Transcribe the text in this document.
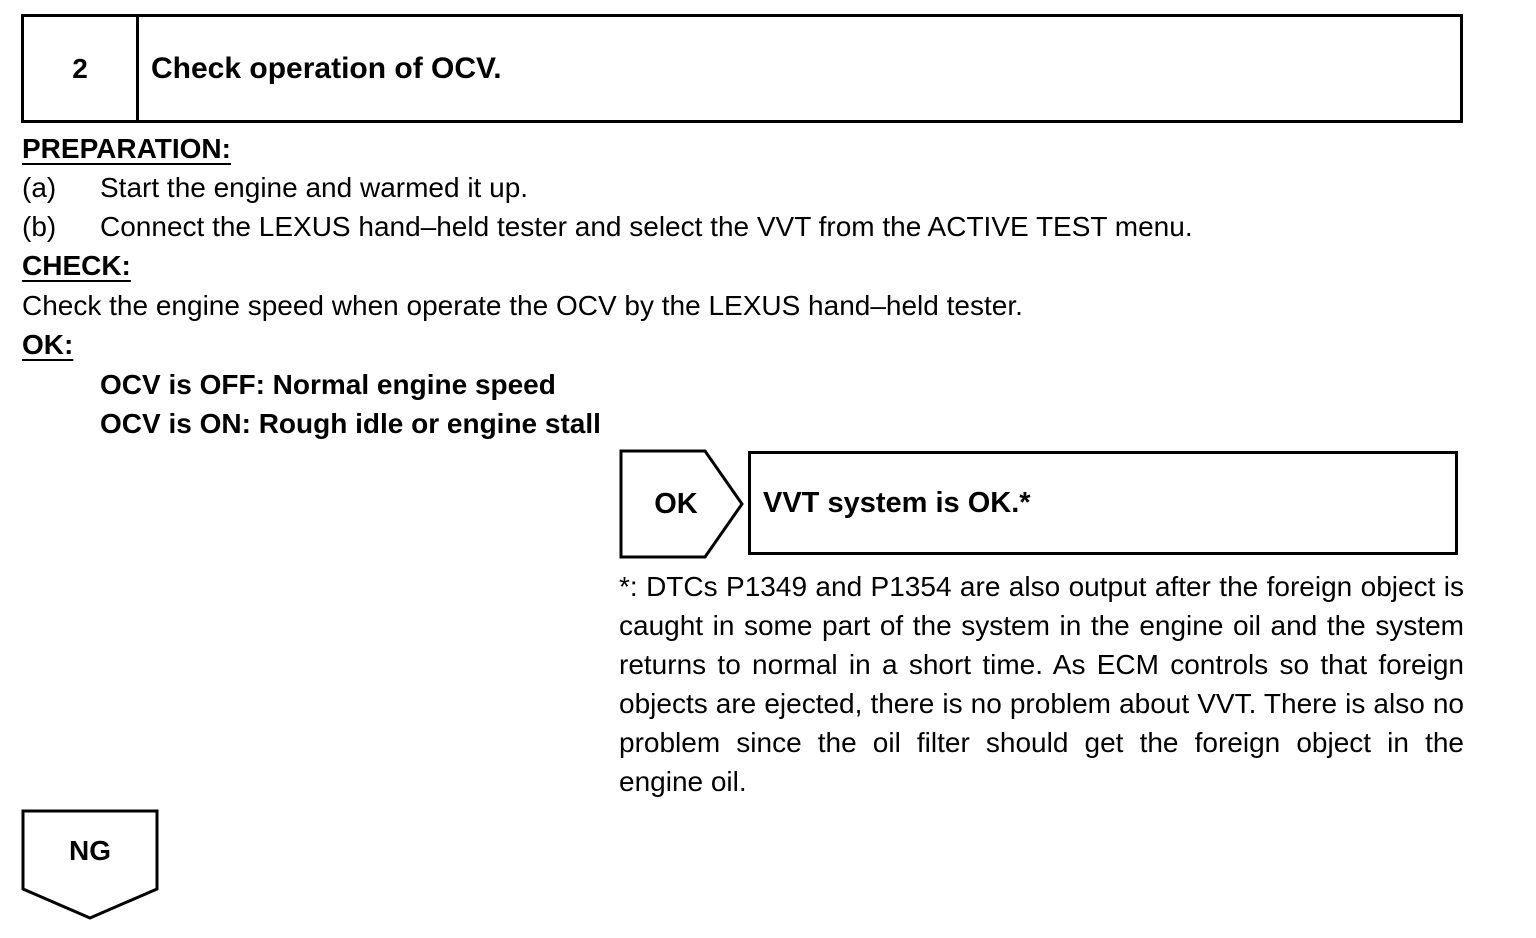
2	Check operation of OCV.
PREPARATION:
(a) Start the engine and warmed it up.
(b) Connect the LEXUS hand–held tester and select the VVT from the ACTIVE TEST menu.
CHECK:
Check the engine speed when operate the OCV by the LEXUS hand–held tester.
OK:
OCV is OFF: Normal engine speed
OCV is ON: Rough idle or engine stall
OK	VVT system is OK.*
*: DTCs P1349 and P1354 are also output after the foreign object is caught in some part of the system in the engine oil and the system returns to normal in a short time. As ECM controls so that foreign objects are ejected, there is no problem about VVT. There is also no problem since the oil filter should get the foreign object in the engine oil.
NG
